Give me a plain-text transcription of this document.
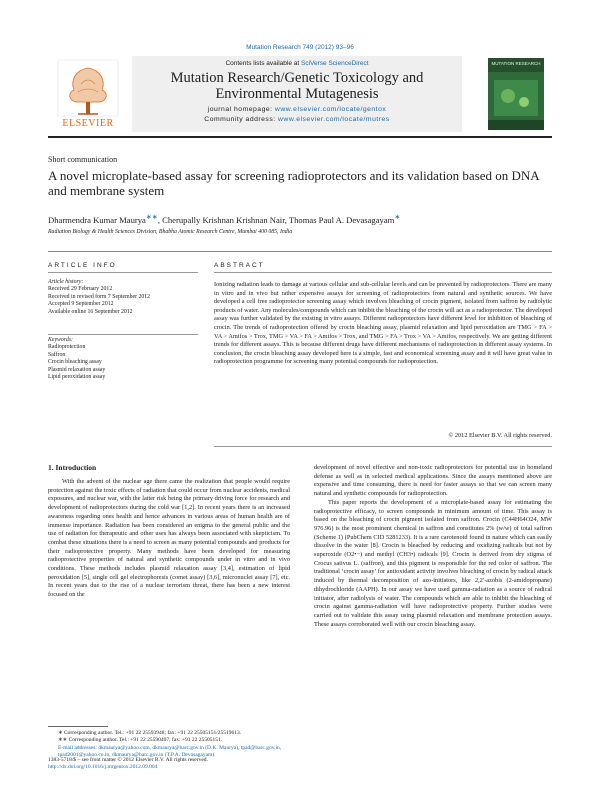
Mutation Research 749 (2012) 93–96
ELSEVIER
Contents lists available at SciVerse ScienceDirect
Mutation Research/Genetic Toxicology and
Environmental Mutagenesis
journal homepage: www.elsevier.com/locate/gentox
Community address: www.elsevier.com/locate/mutres
MUTATION RESEARCH
Short communication
A novel microplate-based assay for screening radioprotectors and its validation based on DNA and membrane system
Dharmendra Kumar Maurya∗∗, Cherupally Krishnan Krishnan Nair, Thomas Paul A. Devasagayam∗
Radiation Biology & Health Sciences Division, Bhabha Atomic Research Centre, Mumbai 400 085, India
ARTICLE INFO	ABSTRACT
Article history:
Received 29 February 2012
Received in revised form 7 September 2012
Accepted 9 September 2012
Available online 16 September 2012
Keywords:
Radioprotection
Saffron
Crocin bleaching assay
Plasmid relaxation assay
Lipid peroxidation assay
Ionizing radiation leads to damage at various cellular and sub-cellular levels and can be prevented by radioprotectors. There are many in vitro and in vivo but rather expensive assays for screening of radioprotectors from natural and synthetic sources. We have developed a cell free radioprotector screening assay which involves bleaching of crocin pigment, isolated from saffron by radiolytic products of water. Any molecules/compounds which can inhibit the bleaching of the crocin will act as a radioprotector. The developed assay was further validated by the existing in vitro assays. Different radioprotectors have different level for inhibition of bleaching of crocin. The trends of radioprotection offered by crocin bleaching assay, plasmid relaxation and lipid peroxidation are TMG > FA > VA > Amifos > Trox, TMG > VA > FA > Amifos > Trox, and TMG > FA > Trox > VA > Amifos, respectively. We are getting different trends for different assays. This is because different drugs have different mechanisms of radioprotection in different assay systems. In conclusion, the crocin bleaching assay developed here is a simple, fast and economical screening assay and it will have great value in radioprotection programme for screening many potential compounds for radioprotection.
© 2012 Elsevier B.V. All rights reserved.
1. Introduction

With the advent of the nuclear age there came the realization that people would require protection against the toxic effects of radiation that could occur from nuclear accidents, medical exposures, and nuclear war, with the latter risk being the primary driving force for research and development of radioprotectors during the cold war [1,2]. In recent years there is an increased awareness regarding ones health and hence advances in various areas of human health are of immense importance. Radiation has been considered an enigma to the general public and the use of radiation for therapeutic and other uses has always been associated with skepticism. To combat these situations there is a need to screen as many potential compounds and products for their radioprotective property. Many methods have been developed for measuring radioprotective properties of natural and synthetic compounds under in vitro and in vivo conditions. These methods includes plasmid relaxation assay [3,4], estimation of lipid peroxidation [5], single cell gel electrophoresis (comet assay) [3,6], micronuclei assay [7], etc. In recent years due to the rise of a nuclear terrorism threat, there has been a new interest focused on the

development of novel effective and non-toxic radioprotectors for potential use in homeland defense as well as in selected medical applications. Since the assays mentioned above are expensive and time consuming, there is need for faster assays so that we can screen many natural and synthetic compounds for radioprotection.

This paper reports the development of a microplate-based assay for estimating the radioprotective efficacy, to screen compounds in minimum amount of time. This assay is based on the bleaching of crocin pigment isolated from saffron. Crocin (C44H64O24, MW 976.96) is the most prominent chemical in saffron and constitutes 2% (w/w) of total saffron (Scheme 1) (PubChem CID 5281233). It is a rare carotenoid found in nature which can easily dissolve in the water [8]. Crocin is bleached by reducing and oxidizing radicals but not by superoxide (O2•−) and methyl (CH3•) radicals [9]. Crocin is derived from dry stigma of Crocus sativus L. (saffron), and this pigment is responsible for the red color of saffron. The traditional ‘crocin assay’ for antioxidant activity involves bleaching of crocin by radical attack induced by thermal decomposition of azo-initiators, like 2,2′-azobis (2-amidopropane) dihydrochloride (AAPH). In our assay we have used gamma-radiation as a source of radical initiator, after radiolysis of water. The compounds which are able to inhibit the bleaching of crocin against gamma-radiation will have radioprotective property. Further studies were carried out to validate this assay using plasmid relaxation and membrane protection assays. These assays corroborated well with our crocin bleaching assay.

∗ Corresponding author. Tel.: +91 22 25593948; fax: +91 22 25505151/25519613.
∗∗ Corresponding author. Tel.: +91 22 25590407; fax: +91 22 25505151.
E-mail addresses: dkmaurya@yahoo.com, dkmaurya@barc.gov.in (D.K. Maurya), tpad@barc.gov.in, tpad2001@yahoo.co.in, dkmaurya@barc.gov.in (T.P.A. Devasagayam).
1383-5718/$ – see front matter © 2012 Elsevier B.V. All rights reserved.
http://dx.doi.org/10.1016/j.mrgentox.2012.09.004
